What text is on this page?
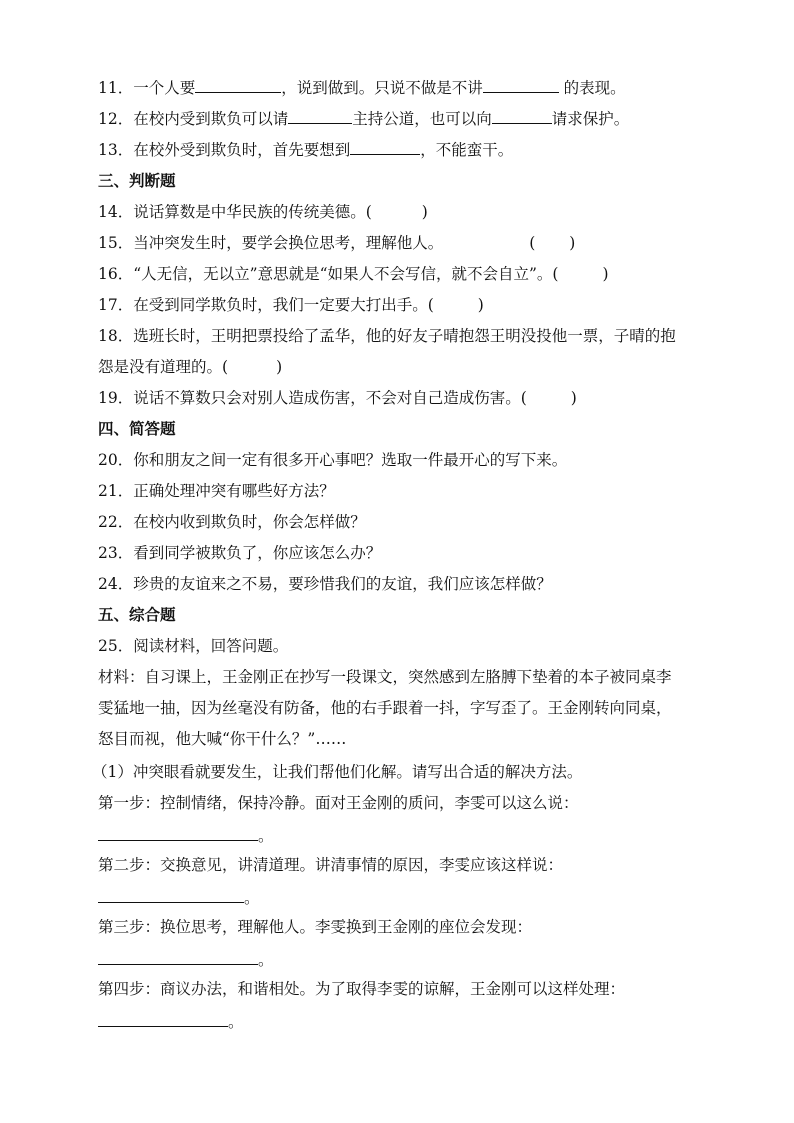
11．一个人要	，说到做到。只说不做是不讲	的表现。
12．在校内受到欺负可以请	主持公道，也可以向	请求保护。
13．在校外受到欺负时，首先要想到	，不能蛮干。
三、判断题
14．说话算数是中华民族的传统美德。(	)
15．当冲突发生时，要学会换位思考，理解他人。	( )
16．“人无信，无以立”意思就是“如果人不会写信，就不会自立”。(	)
17．在受到同学欺负时，我们一定要大打出手。(	)
18．选班长时，王明把票投给了孟华，他的好友子晴抱怨王明没投他一票，子晴的抱
怨是没有道理的。(	)
19．说话不算数只会对别人造成伤害，不会对自己造成伤害。(	)
四、简答题
20．你和朋友之间一定有很多开心事吧？选取一件最开心的写下来。
21．正确处理冲突有哪些好方法？
22．在校内收到欺负时，你会怎样做？
23．看到同学被欺负了，你应该怎么办？
24．珍贵的友谊来之不易，要珍惜我们的友谊，我们应该怎样做？
五、综合题
25．阅读材料，回答问题。
材料：自习课上，王金刚正在抄写一段课文，突然感到左胳膊下垫着的本子被同桌李
雯猛地一抽，因为丝毫没有防备，他的右手跟着一抖，字写歪了。王金刚转向同桌，
怒目而视，他大喊“你干什么？”……
（1）冲突眼看就要发生，让我们帮他们化解。请写出合适的解决方法。
第一步：控制情绪，保持冷静。面对王金刚的质问，李雯可以这么说：
。
第二步：交换意见，讲清道理。讲清事情的原因，李雯应该这样说：
。
第三步：换位思考，理解他人。李雯换到王金刚的座位会发现：
。
第四步：商议办法，和谐相处。为了取得李雯的谅解，王金刚可以这样处理：
。
